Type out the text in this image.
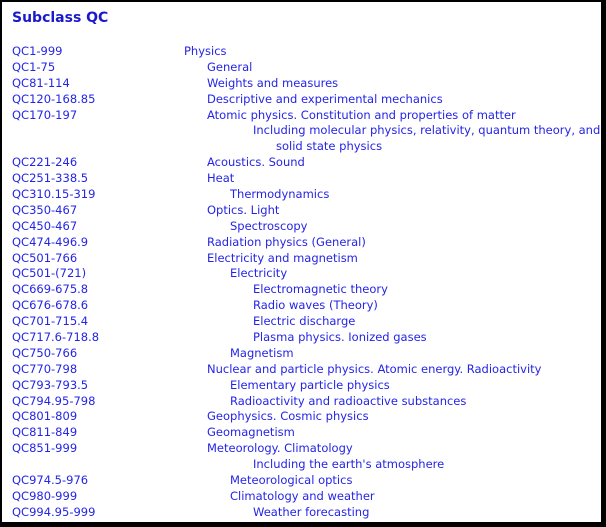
Subclass QC
QC1-999	Physics
QC1-75	General
QC81-114	Weights and measures
QC120-168.85	Descriptive and experimental mechanics
QC170-197	Atomic physics. Constitution and properties of matter
Including molecular physics, relativity, quantum theory, and
solid state physics
QC221-246	Acoustics. Sound
QC251-338.5	Heat
QC310.15-319	Thermodynamics
QC350-467	Optics. Light
QC450-467	Spectroscopy
QC474-496.9	Radiation physics (General)
QC501-766	Electricity and magnetism
QC501-(721)	Electricity
QC669-675.8	Electromagnetic theory
QC676-678.6	Radio waves (Theory)
QC701-715.4	Electric discharge
QC717.6-718.8	Plasma physics. Ionized gases
QC750-766	Magnetism
QC770-798	Nuclear and particle physics. Atomic energy. Radioactivity
QC793-793.5	Elementary particle physics
QC794.95-798	Radioactivity and radioactive substances
QC801-809	Geophysics. Cosmic physics
QC811-849	Geomagnetism
QC851-999	Meteorology. Climatology
Including the earth's atmosphere
QC974.5-976	Meteorological optics
QC980-999	Climatology and weather
QC994.95-999	Weather forecasting
